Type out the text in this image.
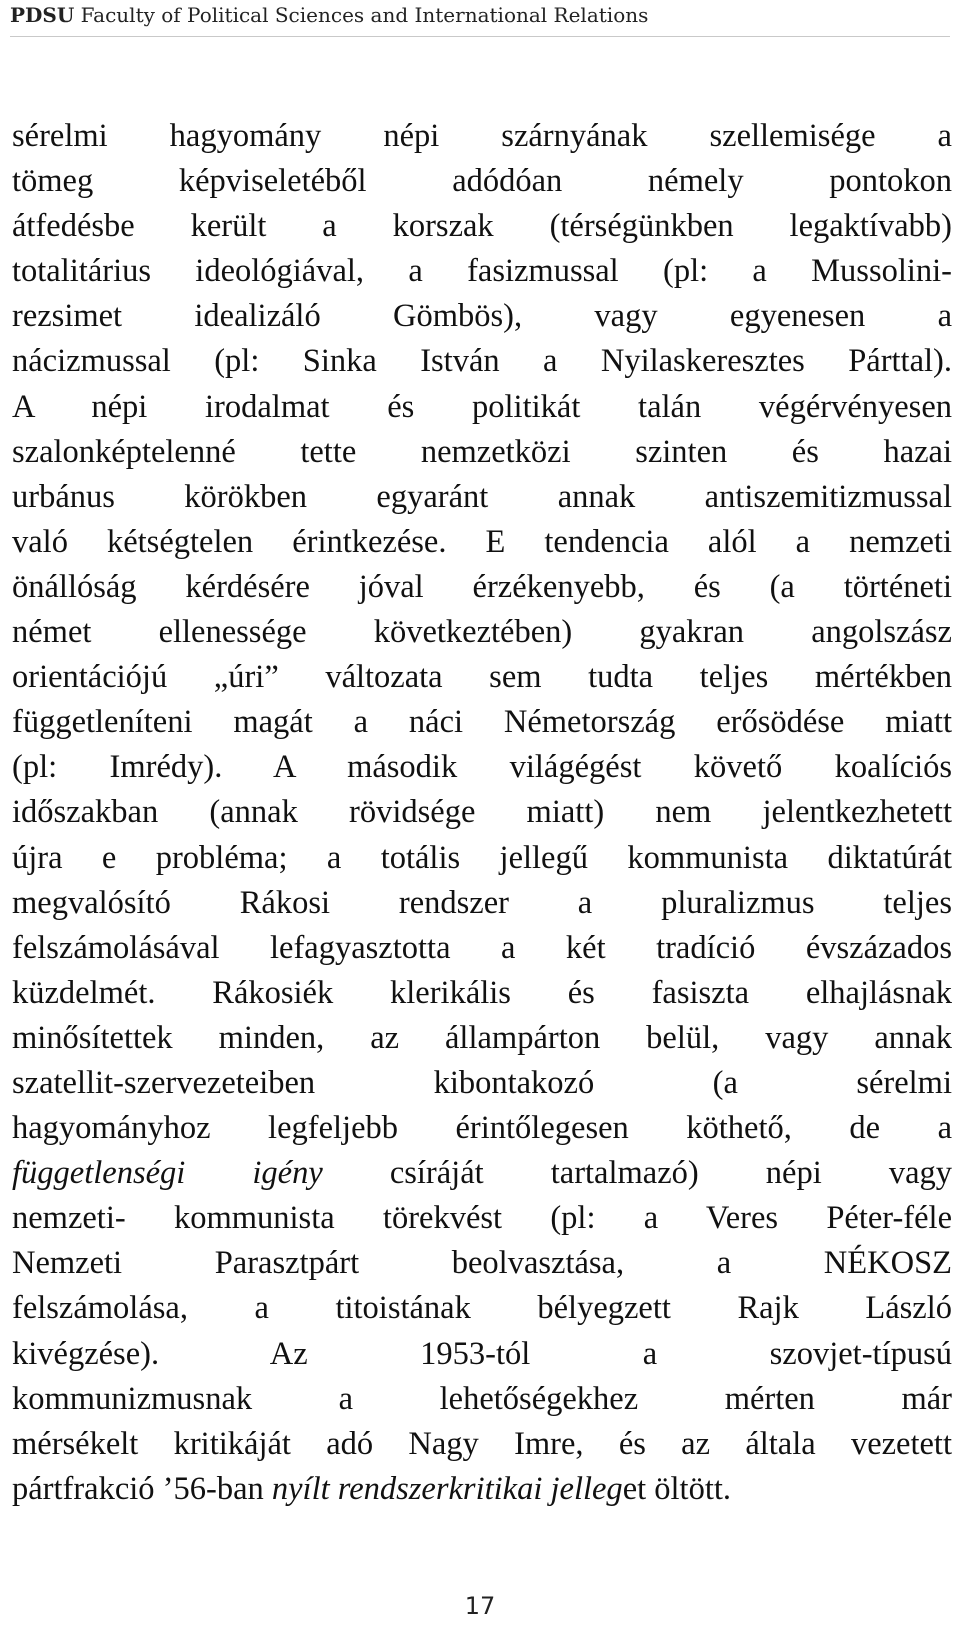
PDSU Faculty of Political Sciences and International Relations
sérelmi hagyomány népi szárnyának szellemisége a
tömeg képviseletéből adódóan némely pontokon
átfedésbe került a korszak (térségünkben legaktívabb)
totalitárius ideológiával, a fasizmussal (pl: a Mussolini-
rezsimet idealizáló Gömbös), vagy egyenesen a
nácizmussal (pl: Sinka István a Nyilaskeresztes Párttal).
A népi irodalmat és politikát talán végérvényesen
szalonképtelenné tette nemzetközi szinten és hazai
urbánus körökben egyaránt annak antiszemitizmussal
való kétségtelen érintkezése. E tendencia alól a nemzeti
önállóság kérdésére jóval érzékenyebb, és (a történeti
német ellenessége következtében) gyakran angolszász
orientációjú „úri” változata sem tudta teljes mértékben
függetleníteni magát a náci Németország erősödése miatt
(pl: Imrédy). A második világégést követő koalíciós
időszakban (annak rövidsége miatt) nem jelentkezhetett
újra e probléma; a totális jellegű kommunista diktatúrát
megvalósító Rákosi rendszer a pluralizmus teljes
felszámolásával lefagyasztotta a két tradíció évszázados
küzdelmét. Rákosiék klerikális és fasiszta elhajlásnak
minősítettek minden, az állampárton belül, vagy annak
szatellit-szervezeteiben kibontakozó (a sérelmi
hagyományhoz legfeljebb érintőlegesen köthető, de a
függetlenségi igény csíráját tartalmazó) népi vagy
nemzeti- kommunista törekvést (pl: a Veres Péter-féle
Nemzeti Parasztpárt beolvasztása, a NÉKOSZ
felszámolása, a titoistának bélyegzett Rajk László
kivégzése). Az 1953-tól a szovjet-típusú
kommunizmusnak a lehetőségekhez mérten már
mérsékelt kritikáját adó Nagy Imre, és az általa vezetett
pártfrakció ’56-ban nyílt rendszerkritikai jelleget öltött.
17
